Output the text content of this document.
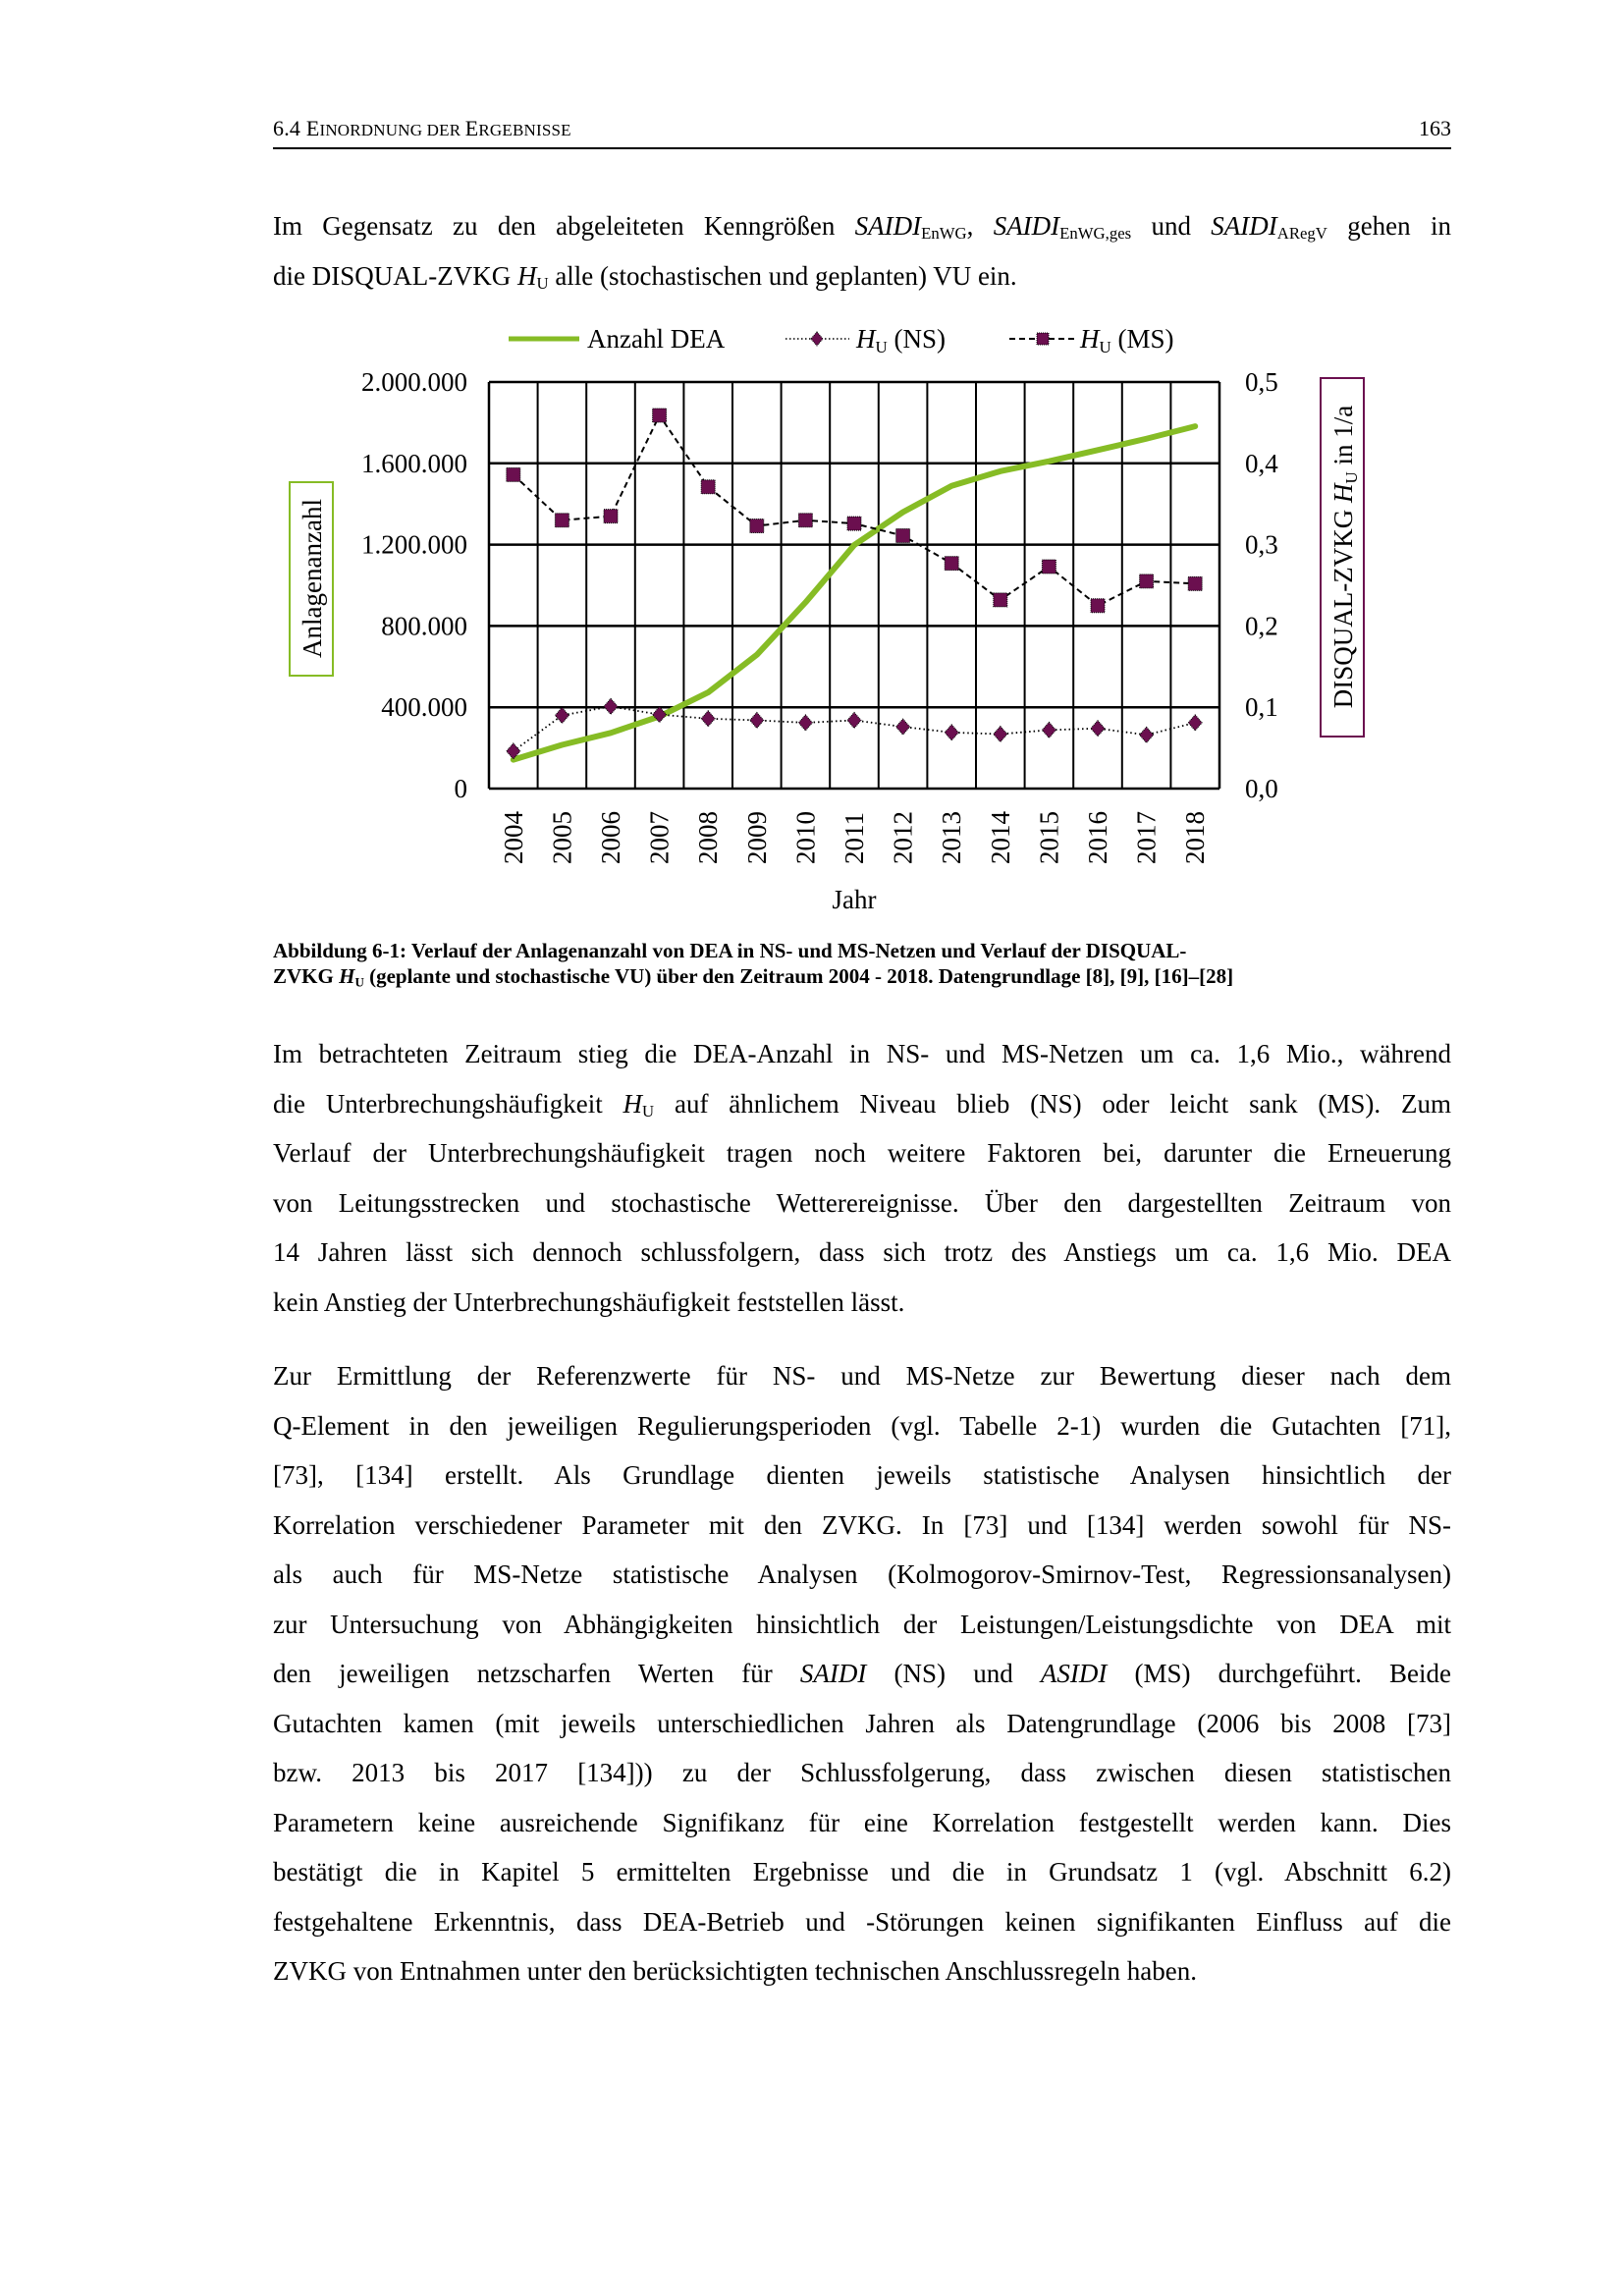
6.4 EINORDNUNG DER ERGEBNISSE	163
Im Gegensatz zu den abgeleiteten Kenngrößen $SAIDI_{EnWG}$, $SAIDI_{EnWG,ges}$ und $SAIDI_{ARegV}$ gehen in
die DISQUAL-ZVKG $H_U$ alle (stochastischen und geplanten) VU ein.
Anzahl DEA	HU (NS)	HU (MS)
0
400.000
800.000
1.200.000
1.600.000
2.000.000
0,0
0,1
0,2
0,3
0,4
0,5
2004 2005 2006 2007 2008 2009 2010 2011 2012 2013 2014 2015 2016 2017 2018
Anlagenanzahl	DISQUAL-ZVKG HU in 1/a
Jahr
Abbildung 6-1: Verlauf der Anlagenanzahl von DEA in NS- und MS-Netzen und Verlauf der DISQUAL-
ZVKG $H_U$ (geplante und stochastische VU) über den Zeitraum 2004 - 2018. Datengrundlage [8], [9], [16]–[28]
Im betrachteten Zeitraum stieg die DEA-Anzahl in NS- und MS-Netzen um ca. 1,6 Mio., während
die Unterbrechungshäufigkeit $H_U$ auf ähnlichem Niveau blieb (NS) oder leicht sank (MS). Zum
Verlauf der Unterbrechungshäufigkeit tragen noch weitere Faktoren bei, darunter die Erneuerung
von Leitungsstrecken und stochastische Wetterereignisse. Über den dargestellten Zeitraum von
14 Jahren lässt sich dennoch schlussfolgern, dass sich trotz des Anstiegs um ca. 1,6 Mio. DEA
kein Anstieg der Unterbrechungshäufigkeit feststellen lässt.
Zur Ermittlung der Referenzwerte für NS- und MS-Netze zur Bewertung dieser nach dem
Q-Element in den jeweiligen Regulierungsperioden (vgl. Tabelle 2-1) wurden die Gutachten [71],
[73], [134] erstellt. Als Grundlage dienten jeweils statistische Analysen hinsichtlich der
Korrelation verschiedener Parameter mit den ZVKG. In [73] und [134] werden sowohl für NS-
als auch für MS-Netze statistische Analysen (Kolmogorov-Smirnov-Test, Regressionsanalysen)
zur Untersuchung von Abhängigkeiten hinsichtlich der Leistungen/Leistungsdichte von DEA mit
den jeweiligen netzscharfen Werten für SAIDI (NS) und ASIDI (MS) durchgeführt. Beide
Gutachten kamen (mit jeweils unterschiedlichen Jahren als Datengrundlage (2006 bis 2008 [73]
bzw. 2013 bis 2017 [134])) zu der Schlussfolgerung, dass zwischen diesen statistischen
Parametern keine ausreichende Signifikanz für eine Korrelation festgestellt werden kann. Dies
bestätigt die in Kapitel 5 ermittelten Ergebnisse und die in Grundsatz 1 (vgl. Abschnitt 6.2)
festgehaltene Erkenntnis, dass DEA-Betrieb und -Störungen keinen signifikanten Einfluss auf die
ZVKG von Entnahmen unter den berücksichtigten technischen Anschlussregeln haben.
